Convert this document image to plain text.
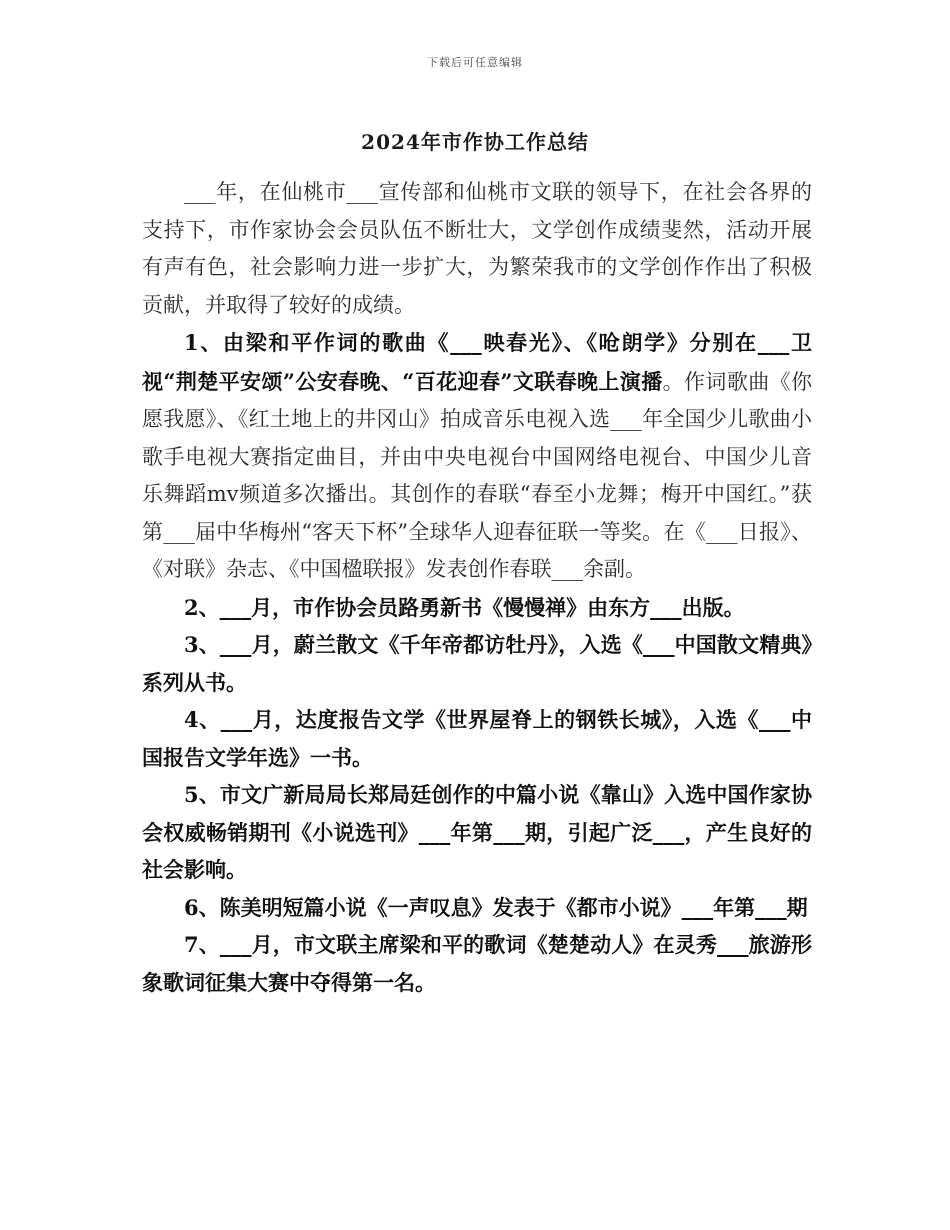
下载后可任意编辑
2024年市作协工作总结

___年，在仙桃市___宣传部和仙桃市文联的领导下，在社会各界的支持下，市作家协会会员队伍不断壮大，文学创作成绩斐然，活动开展有声有色，社会影响力进一步扩大，为繁荣我市的文学创作作出了积极贡献，并取得了较好的成绩。

1、由梁和平作词的歌曲《___映春光》、《呛朗学》分别在___卫视“荆楚平安颂”公安春晚、“百花迎春”文联春晚上演播。作词歌曲《你愿我愿》、《红土地上的井冈山》拍成音乐电视入选___年全国少儿歌曲小歌手电视大赛指定曲目，并由中央电视台中国网络电视台、中国少儿音乐舞蹈mv频道多次播出。其创作的春联“春至小龙舞；梅开中国红。”获第___届中华梅州“客天下杯”全球华人迎春征联一等奖。在《___日报》、《对联》杂志、《中国楹联报》发表创作春联___余副。

2、___月，市作协会员路勇新书《慢慢禅》由东方___出版。

3、___月，蔚兰散文《千年帝都访牡丹》，入选《___中国散文精典》系列从书。

4、___月，达度报告文学《世界屋脊上的钢铁长城》，入选《___中国报告文学年选》一书。

5、市文广新局局长郑局廷创作的中篇小说《靠山》入选中国作家协会权威畅销期刊《小说选刊》___年第___期，引起广泛___，产生良好的社会影响。

6、陈美明短篇小说《一声叹息》发表于《都市小说》___年第___期

7、___月，市文联主席梁和平的歌词《楚楚动人》在灵秀___旅游形象歌词征集大赛中夺得第一名。
